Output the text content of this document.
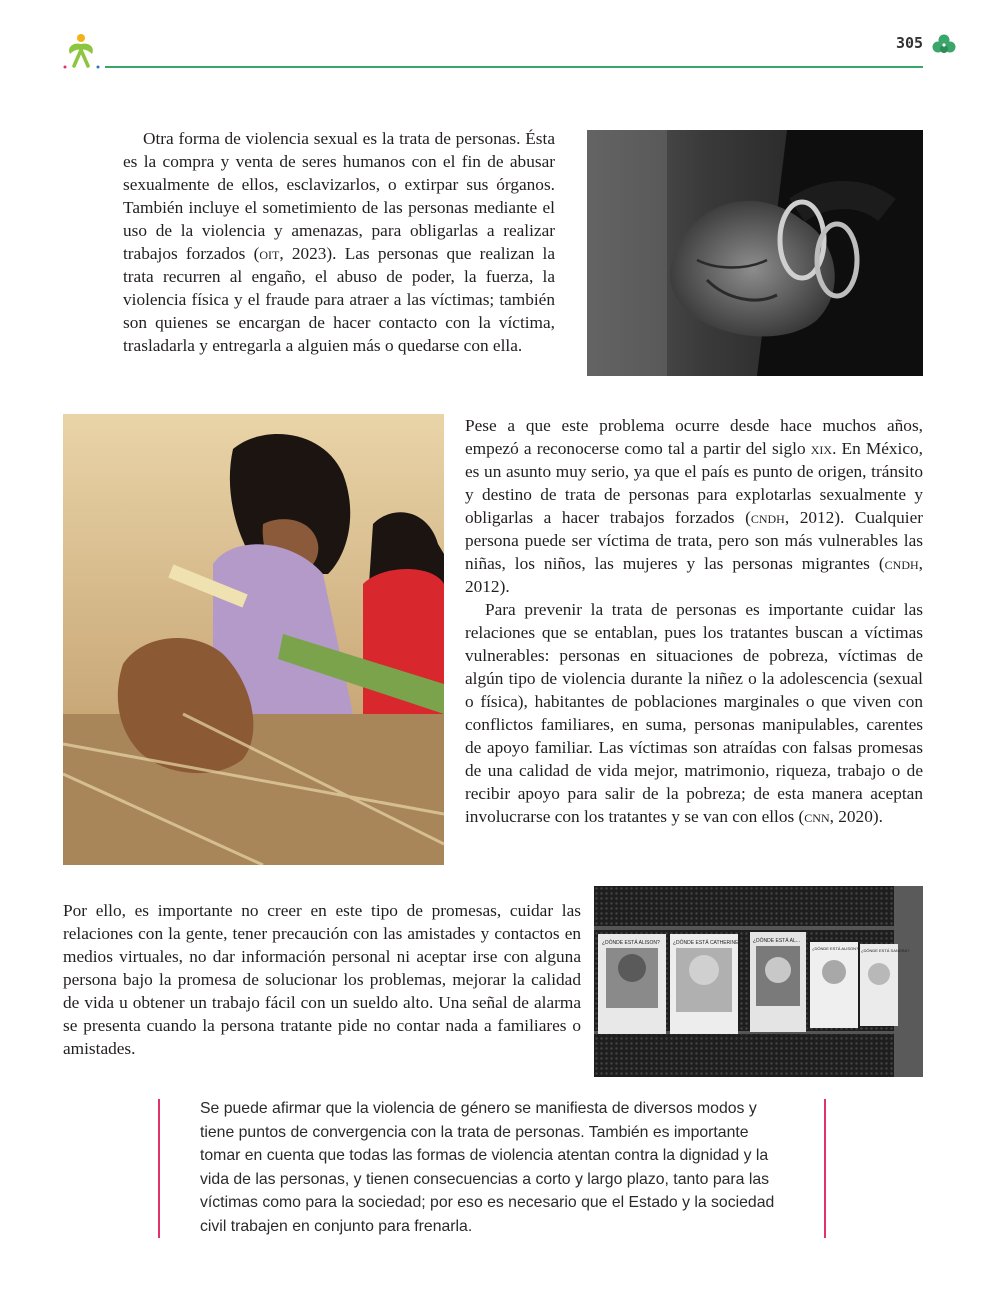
305

Otra forma de violencia sexual es la trata de personas. Ésta es la compra y venta de seres humanos con el fin de abusar sexualmente de ellos, esclavizarlos, o extirpar sus órganos. También incluye el sometimiento de las personas mediante el uso de la violencia y amenazas, para obligarlas a realizar trabajos forzados (oit, 2023). Las personas que realizan la trata recurren al engaño, el abuso de poder, la fuerza, la violencia física y el fraude para atraer a las víctimas; también son quienes se encargan de hacer contacto con la víctima, trasladarla y entregarla a alguien más o quedarse con ella.

Pese a que este problema ocurre desde hace muchos años, empezó a reconocerse como tal a partir del siglo xix. En México, es un asunto muy serio, ya que el país es punto de origen, tránsito y destino de trata de personas para explotarlas sexualmente y obligarlas a hacer trabajos forzados (cndh, 2012). Cualquier persona puede ser víctima de trata, pero son más vulnerables las niñas, los niños, las mujeres y las personas migrantes (cndh, 2012).

Para prevenir la trata de personas es importante cuidar las relaciones que se entablan, pues los tratantes buscan a víctimas vulnerables: personas en situaciones de pobreza, víctimas de algún tipo de violencia durante la niñez o la adolescencia (sexual o física), habitantes de poblaciones marginales o que viven con conflictos familiares, en suma, personas manipulables, carentes de apoyo familiar. Las víctimas son atraídas con falsas promesas de una calidad de vida mejor, matrimonio, riqueza, trabajo o de recibir apoyo para salir de la pobreza; de esta manera aceptan involucrarse con los tratantes y se van con ellos (cnn, 2020).

Por ello, es importante no creer en este tipo de promesas, cuidar las relaciones con la gente, tener precaución con las amistades y contactos en medios virtuales, no dar información personal ni aceptar irse con alguna persona bajo la promesa de solucionar los problemas, mejorar la calidad de vida u obtener un trabajo fácil con un sueldo alto. Una señal de alarma se presenta cuando la persona tratante pide no contar nada a familiares o amistades.

¿DÓNDE ESTÁ ALISON?	¿DÓNDE ESTÁ CATHERINE? ¿DÓNDE ESTÁ AL...
¿DÓNDE ESTÁ ALISON? ¿DÓNDE ESTÁ SANDRA?

Se puede afirmar que la violencia de género se manifiesta de diversos modos y tiene puntos de convergencia con la trata de personas. También es importante tomar en cuenta que todas las formas de violencia atentan contra la dignidad y la vida de las personas, y tienen consecuencias a corto y largo plazo, tanto para las víctimas como para la sociedad; por eso es necesario que el Estado y la sociedad civil trabajen en conjunto para frenarla.
